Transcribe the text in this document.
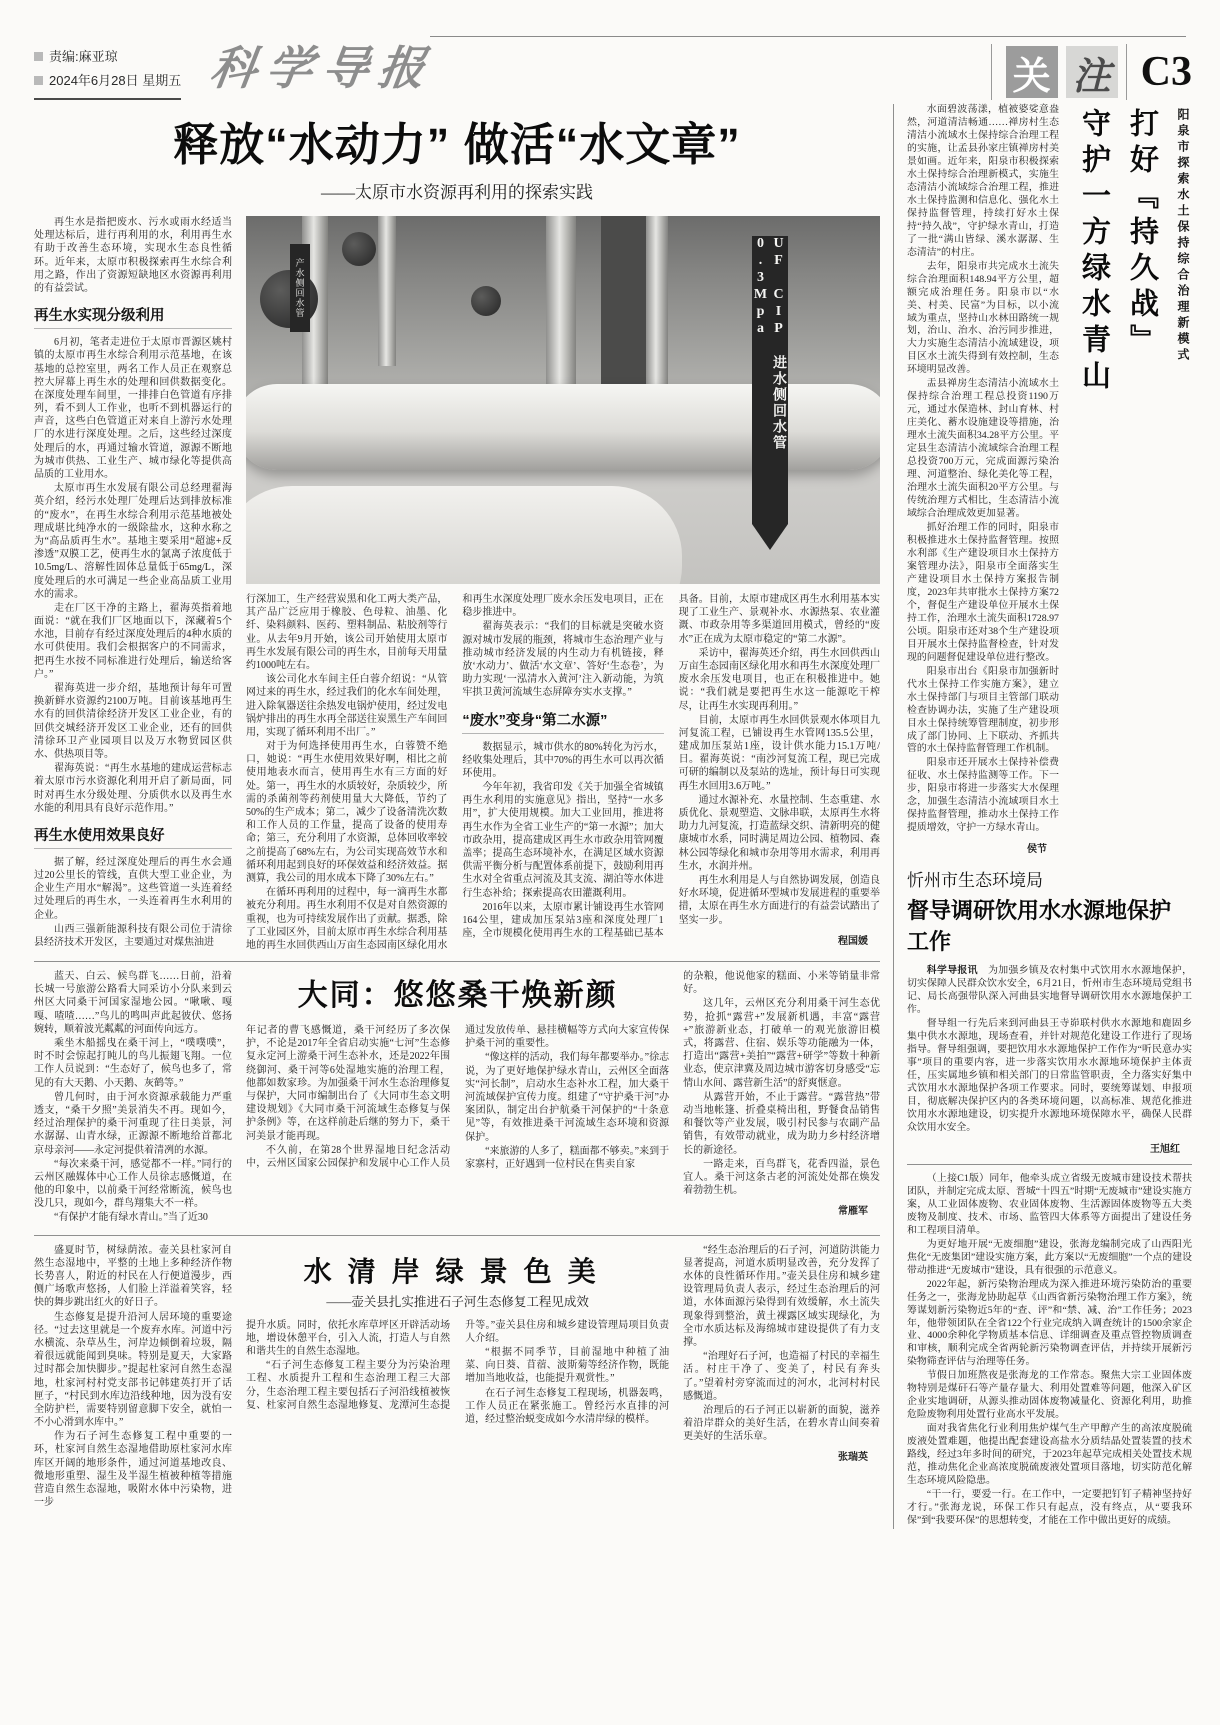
责编:麻亚琼
2024年6月28日 星期五 科学导报	关 注 C3
释放“水动力” 做活“水文章”
——太原市水资源再利用的探索实践

再生水是指把废水、污水或雨水经适当处理达标后，进行再利用的水，利用再生水有助于改善生态环境，实现水生态良性循环。近年来，太原市积极探索再生水综合利用之路，作出了资源短缺地区水资源再利用的有益尝试。

再生水实现分级利用

6月初，笔者走进位于太原市晋源区姚村镇的太原市再生水综合利用示范基地，在该基地的总控室里，两名工作人员正在观察总控大屏幕上再生水的处理和回供数据变化。在深度处理车间里，一排排白色管道有序排列，看不到人工作业，也听不到机器运行的声音，这些白色管道正对来自上游污水处理厂的水进行深度处理。之后，这些经过深度处理后的水，再通过输水管道，源源不断地为城市供热、工业生产、城市绿化等提供高品质的工业用水。

太原市再生水发展有限公司总经理翟海英介绍，经污水处理厂处理后达到排放标准的“废水”，在再生水综合利用示范基地被处理成堪比纯净水的一级除盐水，这种水称之为“高品质再生水”。基地主要采用“超滤+反渗透”双膜工艺，使再生水的氯离子浓度低于10.5mg/L、溶解性固体总量低于65mg/L，深度处理后的水可满足一些企业高品质工业用水的需求。

走在厂区干净的主路上，翟海英指着地面说：“就在我们厂区地面以下，深藏着5个水池，目前存有经过深度处理后的4种水质的水可供使用。我们会根据客户的不同需求，把再生水按不同标准进行处理后，输送给客户。”

翟海英进一步介绍，基地预计每年可置换新鲜水资源约2100万吨。目前该基地再生水有的回供清徐经济开发区工业企业，有的回供交城经济开发区工业企业，还有的回供清徐环卫产业园项目以及万水物贸园区供水、供热项目等。

翟海英说：“再生水基地的建成运营标志着太原市污水资源化利用开启了新局面，同时对再生水分级处理、分质供水以及再生水水能的利用具有良好示范作用。”

再生水使用效果良好

据了解，经过深度处理后的再生水会通过20公里长的管线，直供大型工业企业，为企业生产用水“解渴”。这些管道一头连着经过处理后的再生水，一头连着再生水利用的企业。

山西三强新能源科技有限公司位于清徐县经济技术开发区，主要通过对煤焦油进

产水侧回水管	UF CIP 进水侧回水管 0.3Mpa

行深加工，生产经营炭黑和化工两大类产品，其产品广泛应用于橡胶、色母粒、油墨、化纤、染料颜料、医药、塑料制品、粘胶剂等行业。从去年9月开始，该公司开始使用太原市再生水发展有限公司的再生水，目前每天用量约1000吨左右。

该公司化水车间主任白蓉介绍说：“从管网过来的再生水，经过我们的化水车间处理，进入除氧器送往余热发电锅炉使用，经过发电锅炉排出的再生水再全部送往炭黑生产车间回用，实现了循环利用不出厂。”

对于为何选择使用再生水，白蓉赞不绝口，她说：“再生水使用效果好啊，相比之前使用地表水而言，使用再生水有三方面的好处。第一，再生水的水质较好，杂质较少，所需的杀菌剂等药剂使用量大大降低，节约了50%的生产成本；第二，减少了设备清洗次数和工作人员的工作量，提高了设备的使用寿命；第三，充分利用了水资源，总体回收率较之前提高了68%左右，为公司实现高效节水和循环利用起到良好的环保效益和经济效益。据测算，我公司的用水成本下降了30%左右。”

在循环再利用的过程中，每一滴再生水都被充分利用。再生水利用不仅是对自然资源的重视，也为可持续发展作出了贡献。据悉，除了工业园区外，目前太原市再生水综合利用基地的再生水回供西山万亩生态园南区绿化用水和再生水深度处理厂废水余压发电项目，正在稳步推进中。

翟海英表示：“我们的目标就是突破水资源对城市发展的瓶颈，将城市生态治理产业与推动城市经济发展的内生动力有机链接，释放‘水动力’、做活‘水文章’、答好‘生态卷’，为助力实现‘一泓清水入黄河’注入新动能，为筑牢拱卫黄河流域生态屏障夯实水支撑。”

“废水”变身“第二水源”

数据显示，城市供水的80%转化为污水，经收集处理后，其中70%的再生水可以再次循环使用。

今年年初，我省印发《关于加强全省城镇再生水利用的实施意见》指出，坚持“一水多用”，扩大使用规模。加大工业回用，推进将再生水作为全省工业生产的“第一水源”；加大市政杂用，提高建成区再生水市政杂用管网覆盖率；提高生态环境补水，在满足区域水资源供需平衡分析与配置体系前提下，鼓励利用再生水对全省重点河流及其支流、湖泊等水体进行生态补给；探索提高农田灌溉利用。

2016年以来，太原市累计铺设再生水管网164公里，建成加压泵站3座和深度处理厂1座，全市规模化使用再生水的工程基础已基本具备。目前，太原市建成区再生水利用基本实现了工业生产、景观补水、水源热泵、农业灌溉、市政杂用等多渠道回用模式，曾经的“废水”正在成为太原市稳定的“第二水源”。

采访中，翟海英还介绍，再生水回供西山万亩生态园南区绿化用水和再生水深度处理厂废水余压发电项目，也正在积极推进中。她说：“我们就是要把再生水这一能源吃干榨尽，让再生水实现再利用。”

目前，太原市再生水回供景观水体项目九河复流工程，已铺设再生水管网135.5公里，建成加压泵站1座，设计供水能力15.1万吨/日。翟海英说：“南沙河复流工程，现已完成可研的编制以及泵站的选址，预计每日可实现再生水回用3.6万吨。”

通过水源补充、水量控制、生态重建、水质优化、景观塑造、文脉串联，太原再生水将助力九河复流，打造蓝绿交织、清新明亮的健康城市水系，同时满足周边公园、植物园、森林公园等绿化和城市杂用等用水需求，利用再生水，水润并州。

再生水利用是人与自然协调发展，创造良好水环境，促进循环型城市发展进程的重要举措，太原在再生水方面进行的有益尝试踏出了坚实一步。

程国媛

蓝天、白云、候鸟群飞……日前，沿着长城一号旅游公路看大同采访小分队来到云州区大同桑干河国家湿地公园。“啾啾、嘎嘎、喳喳……”鸟儿的鸣叫声此起彼伏、悠扬婉转，顺着波光粼粼的河面传向远方。

乘坐木船摇曳在桑干河上，“噗噗噗”，时不时会惊起打盹儿的鸟儿振翅飞翔。一位工作人员说到：“生态好了，候鸟也多了，常见的有大天鹅、小天鹅、灰鹤等。”

曾几何时，由于河水资源承载能力严重透支，“桑干夕照”美景消失不再。现如今，经过治理保护的桑干河重现了往日美景，河水潺潺、山青水绿，正源源不断地给首都北京母亲河——永定河提供着清冽的水源。

“每次来桑干河，感觉都不一样。”同行的云州区融媒体中心工作人员徐志感慨道，在他的印象中，以前桑干河经常断流，候鸟也没几只，现如今，群鸟翔集大不一样。

“有保护才能有绿水青山。”当了近30

大同：悠悠桑干焕新颜

年记者的曹飞感慨道，桑干河经历了多次保护，不论是2017年全省启动实施“七河”生态修复永定河上游桑干河生态补水，还是2022年围绕御河、桑干河等6处湿地实施的治理工程，他都如数家珍。为加强桑干河水生态治理修复与保护，大同市编制出台了《大同市生态文明建设规划》《大同市桑干河流域生态修复与保护条例》等，在这样前赴后继的努力下，桑干河美景才能再现。

不久前，在第28个世界湿地日纪念活动中，云州区国家公园保护和发展中心工作人员通过发放传单、悬挂横幅等方式向大家宣传保护桑干河的重要性。

“像这样的活动，我们每年都要举办。”徐志说，为了更好地保护绿水青山，云州区全面落实“河长制”，启动水生态补水工程，加大桑干河流域保护宣传力度。组建了“守护桑干河”办案团队，制定出台护航桑干河保护的“十条意见”等，有效推进桑干河流域生态环境和资源保护。

“来旅游的人多了，糕面都不够卖。”来到于家寨村，正好遇到一位村民在售卖自家

的杂粮，他说他家的糕面、小米等销量非常好。

这几年，云州区充分利用桑干河生态优势，抢抓“露营+”发展新机遇，丰富“露营+”旅游新业态，打破单一的观光旅游旧模式，将露营、住宿、娱乐等功能融为一体，打造出“露营+美拍”“露营+研学”等数十种新业态，使京津冀及周边城市游客切身感受“忘情山水间、露营新生活”的舒爽惬意。

从露营开始，不止于露营。“露营热”带动当地帐篷、折叠桌椅出租，野餐食品销售和餐饮等产业发展，吸引村民参与农副产品销售，有效带动就业，成为助力乡村经济增长的新途径。

一路走来，百鸟群飞，花香四溢，景色宜人。桑干河这条古老的河流处处都在焕发着勃勃生机。

常雁军

盛夏时节，树绿荫浓。壶关县杜家河自然生态湿地中，平整的土地上多种经济作物长势喜人，附近的村民在人行便道漫步，西侧广场歌声悠扬，人们脸上洋溢着笑容，轻快的舞步跳出红火的好日子。

生态修复是提升沿河人居环境的重要途径。“过去这里就是一个废弃水库。河道中污水横流、杂草丛生，河岸边倾倒着垃圾，隔着很远就能闻到臭味。特别是夏天，大家路过时都会加快脚步。”提起杜家河自然生态湿地，杜家河村村党支部书记韩建英打开了话匣子，“村民到水库边沿线种地，因为没有安全防护栏，需要特别留意脚下安全，就怕一不小心滑到水库中。”

作为石子河生态修复工程中重要的一环，杜家河自然生态湿地借助原杜家河水库库区开阔的地形条件，通过河道基地改良、微地形重塑、湿生及半湿生植被种植等措施营造自然生态湿地，吸附水体中污染物，进一步

水清岸绿景色美
——壶关县扎实推进石子河生态修复工程见成效

提升水质。同时，依托水库草坪区开辟活动场地，增设休憩平台，引入人流，打造人与自然和谐共生的自然生态湿地。

“石子河生态修复工程主要分为污染治理工程、水质提升工程和生态治理工程三大部分，生态治理工程主要包括石子河沿线植被恢复、杜家河自然生态湿地修复、龙潭河生态提升等。”壶关县住房和城乡建设管理局项目负责人介绍。

“根据不同季节，目前湿地中种植了油菜、向日葵、苜蓿、波斯菊等经济作物，既能增加当地收益，也能提升观赏性。”

在石子河生态修复工程现场，机器轰鸣，工作人员正在紧张施工。曾经污水直排的河道，经过整治蜕变成如今水清岸绿的模样。

“经生态治理后的石子河，河道防洪能力显著提高，河道水质明显改善，充分发挥了水体的良性循环作用。”壶关县住房和城乡建设管理局负责人表示，经过生态治理后的河道，水体面源污染得到有效缓解，水土流失现象得到整治，黄土裸露区域实现绿化，为全市水质达标及海绵城市建设提供了有力支撑。

“治理好石子河，也造福了村民的幸福生活。村庄干净了、变美了，村民有奔头了。”望着村旁穿流而过的河水，北河村村民感慨道。

治理后的石子河正以崭新的面貌，滋养着沿岸群众的美好生活，在碧水青山间奏着更美好的生活乐章。

张瑞英

水面碧波荡漾，植被婆娑意盎然，河道清洁畅通……禅房村生态清洁小流域水土保持综合治理工程的实施，让孟县孙家庄镇禅房村美景如画。近年来，阳泉市积极探索水土保持综合治理新模式，实施生态清洁小流域综合治理工程，推进水土保持监测和信息化、强化水土保持监督管理，持续打好水土保持“持久战”，守护绿水青山，打造了一批“满山皆绿、溪水潺潺、生态清洁”的村庄。

去年，阳泉市共完成水土流失综合治理面积148.94平方公里，超额完成治理任务。阳泉市以“水美、村美、民富”为目标，以小流域为重点，坚持山水林田路统一规划，治山、治水、治污同步推进，大力实施生态清洁小流域建设，项目区水土流失得到有效控制，生态环境明显改善。

盂县禅房生态清洁小流域水土保持综合治理工程总投资1190万元，通过水保造林、封山育林、村庄美化、蓄水设施建设等措施，治理水土流失面积34.28平方公里。平定县生态清洁小流域综合治理工程总投资700万元，完成面源污染治理、河道整治、绿化美化等工程，治理水土流失面积20平方公里。与传统治理方式相比，生态清洁小流域综合治理成效更加显著。

抓好治理工作的同时，阳泉市积极推进水土保持监督管理。按照水利部《生产建设项目水土保持方案管理办法》，阳泉市全面落实生产建设项目水土保持方案报告制度，2023年共审批水土保持方案72个，督促生产建设单位开展水土保持工作，治理水土流失面积1728.97公顷。阳泉市还对38个生产建设项目开展水土保持监督检查，针对发现的问题督促建设单位进行整改。

阳泉市出台《阳泉市加强新时代水土保持工作实施方案》，建立水土保持部门与项目主管部门联动检查协调办法，实施了生产建设项目水土保持统筹管理制度，初步形成了部门协同、上下联动、齐抓共管的水土保持监督管理工作机制。

阳泉市还开展水土保持补偿费征收、水土保持监测等工作。下一步，阳泉市将进一步落实大水保理念，加强生态清洁小流域项目水土保持监督管理，推动水土保持工作提质增效，守护一方绿水青山。

侯节
阳泉市探索水土保持综合治理新模式
打好『持久战』
守护一方绿水青山
忻州市生态环境局
督导调研饮用水水源地保护工作

科学导报讯　 为加强乡镇及农村集中式饮用水水源地保护，切实保障人民群众饮水安全，6月21日，忻州市生态环境局党组书记、局长高强带队深入河曲县实地督导调研饮用水水源地保护工作。

督导组一行先后来到河曲县王寺峁联村供水水源地和鹿固乡集中供水水源地，现场查看，并针对规范化建设工作进行了现场指导。督导组强调，要把饮用水水源地保护工作作为“听民意办实事”项目的重要内容，进一步落实饮用水水源地环境保护主体责任，压实属地乡镇和相关部门的日常监管职责，全力落实好集中式饮用水水源地保护各项工作要求。同时，要统筹谋划、申报项目，彻底解决保护区内的各类环境问题，以高标准、规范化推进饮用水水源地建设，切实提升水源地环境保障水平，确保人民群众饮用水安全。

王旭红

（上接C1版）同年，他牵头成立省级无废城市建设技术帮扶团队，并制定完成太原、晋城“十四五”时期“无废城市”建设实施方案，从工业固体废物、农业固体废物、生活源固体废物等五大类废物及制度、技术、市场、监管四大体系等方面提出了建设任务和工程项目清单。

为更好地开展“无废细胞”建设，张海龙编制完成了山西阳光焦化“无废集团”建设实施方案，此方案以“无废细胞”一个点的建设带动推进“无废城市”建设，具有很强的示范意义。

2022年起，新污染物治理成为深入推进环境污染防治的重要任务之一，张海龙协助起草《山西省新污染物治理工作方案》，统筹谋划新污染物近5年的“查、评”和“禁、减、治”工作任务；2023年，他带领团队在全省122个行业完成纳入调查统计的1500余家企业、4000余种化学物质基本信息、详细调查及重点管控物质调查和审核，顺利完成全省两轮新污染物调查评估，并持续开展新污染物筛查评估与治理等任务。

节假日加班熬夜是张海龙的工作常态。聚焦大宗工业固体废物特别是煤矸石等产量存量大、利用处置难等问题，他深入矿区企业实地调研，从源头推动固体废物减量化、资源化利用，助推危险废物利用处置行业高水平发展。

面对我省焦化行业利用焦炉煤气生产甲醇产生的高浓度脱硫废液处置难题，他提出配套建设高盐水分质结晶处置装置的技术路线，经过3年多时间的研究，于2023年起草完成相关处置技术规范，推动焦化企业高浓度脱硫废液处置项目落地，切实防范化解生态环境风险隐患。

“干一行，要爱一行。在工作中，一定要把钉钉子精神坚持好才行。”张海龙说，环保工作只有起点，没有终点，从“要我环保”到“我要环保”的思想转变，才能在工作中做出更好的成绩。
